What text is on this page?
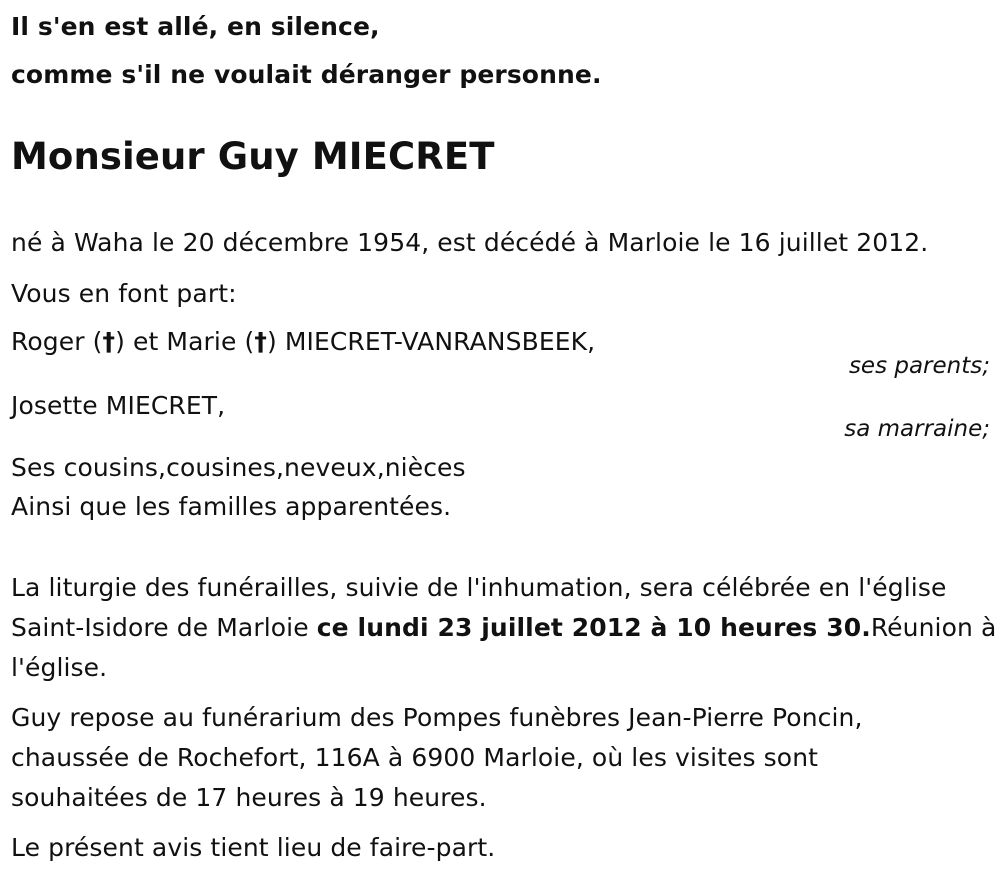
Il s'en est allé, en silence,
comme s'il ne voulait déranger personne.
Monsieur Guy MIECRET
né à Waha le 20 décembre 1954, est décédé à Marloie le 16 juillet 2012.
Vous en font part:
Roger (†) et Marie (†) MIECRET-VANRANSBEEK,
ses parents;
Josette MIECRET,
sa marraine;
Ses cousins,cousines,neveux,nièces
Ainsi que les familles apparentées.
La liturgie des funérailles, suivie de l'inhumation, sera célébrée en l'église
Saint-Isidore de Marloie ce lundi 23 juillet 2012 à 10 heures 30.Réunion à
l'église.
Guy repose au funérarium des Pompes funèbres Jean-Pierre Poncin,
chaussée de Rochefort, 116A à 6900 Marloie, où les visites sont
souhaitées de 17 heures à 19 heures.
Le présent avis tient lieu de faire-part.
